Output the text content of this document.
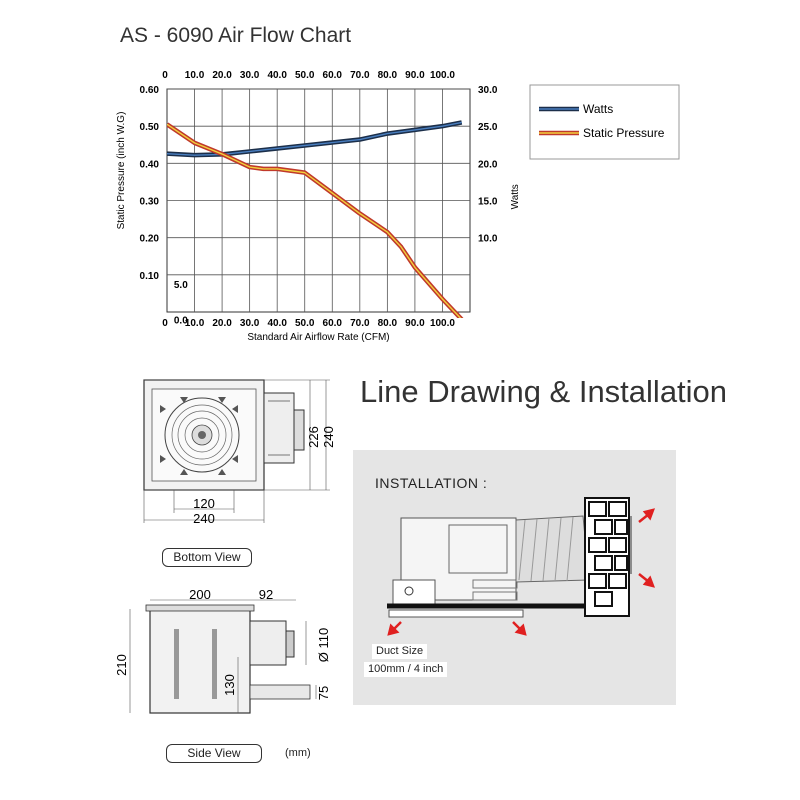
AS - 6090 Air Flow Chart
0
0
10.0
10.0
20.0
20.0
30.0
30.0
40.0
40.0
50.0
50.0
60.0
60.0
70.0
70.0
80.0
80.0
90.0
90.0
100.0
100.0
0.60
0.50
0.40
0.30
0.20
0.10
30.0
25.0
20.0
15.0
10.0
5.0
0.0
Standard Air Airflow Rate (CFM)
Static Pressure (inch W.G)	Watts
Watts
Static Pressure
120
240
226 240
Bottom View
200	92
210
130
Ø 110
75
Side View	(mm)
Line Drawing & Installation
INSTALLATION :
Duct Size
100mm / 4 inch
